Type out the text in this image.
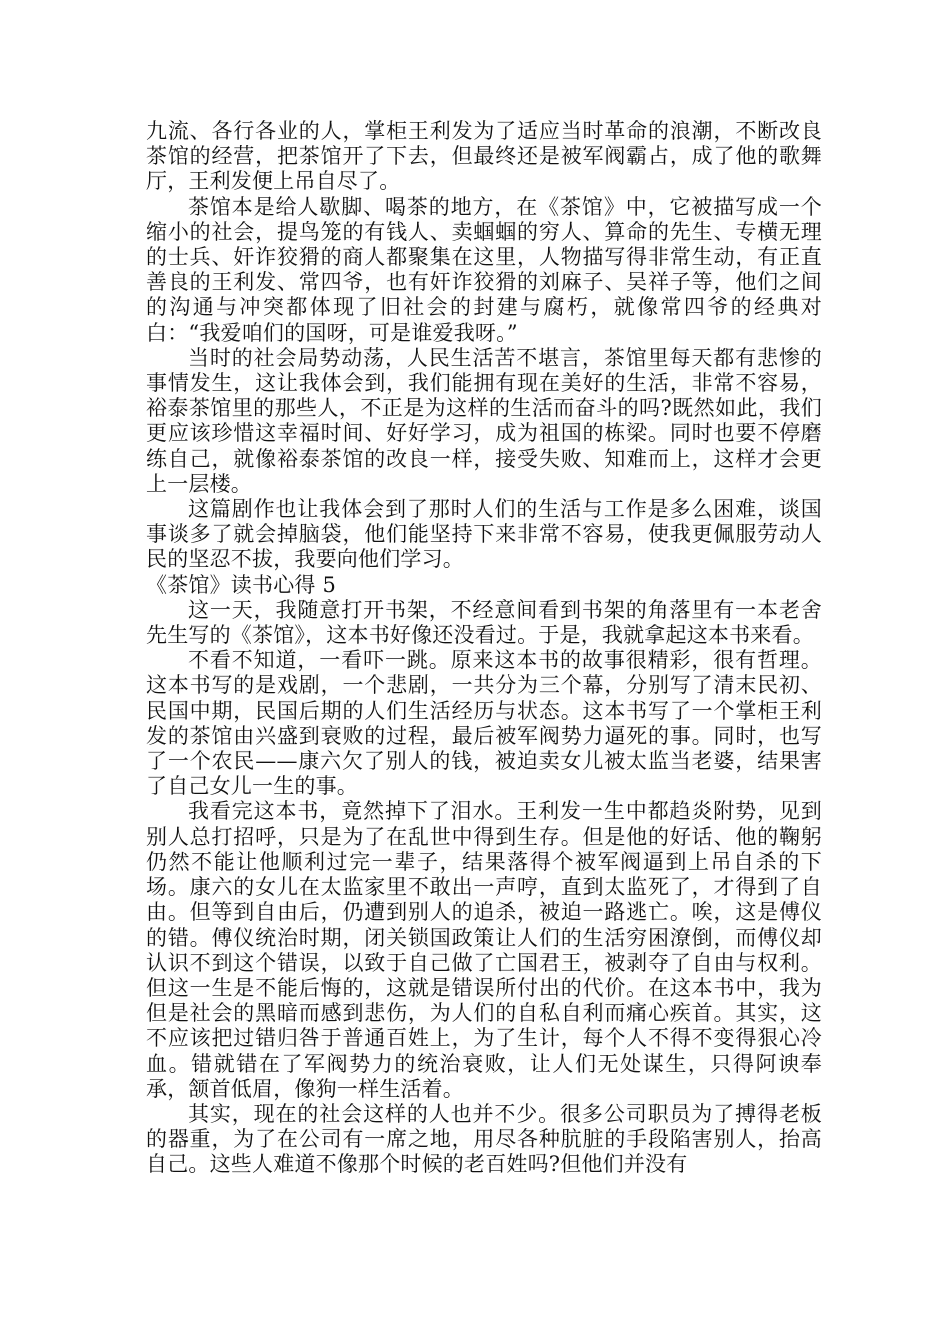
九流、各行各业的人，掌柜王利发为了适应当时革命的浪潮，不断改良茶馆的经营，把茶馆开了下去，但最终还是被军阀霸占，成了他的歌舞厅，王利发便上吊自尽了。

茶馆本是给人歇脚、喝茶的地方，在《茶馆》中，它被描写成一个缩小的社会，提鸟笼的有钱人、卖蝈蝈的穷人、算命的先生、专横无理的士兵、奸诈狡猾的商人都聚集在这里，人物描写得非常生动，有正直善良的王利发、常四爷，也有奸诈狡猾的刘麻子、吴祥子等，他们之间的沟通与冲突都体现了旧社会的封建与腐朽，就像常四爷的经典对白：“我爱咱们的国呀，可是谁爱我呀。”

当时的社会局势动荡，人民生活苦不堪言，茶馆里每天都有悲惨的事情发生，这让我体会到，我们能拥有现在美好的生活，非常不容易，裕泰茶馆里的那些人，不正是为这样的生活而奋斗的吗?既然如此，我们更应该珍惜这幸福时间、好好学习，成为祖国的栋梁。同时也要不停磨练自己，就像裕泰茶馆的改良一样，接受失败、知难而上，这样才会更上一层楼。

这篇剧作也让我体会到了那时人们的生活与工作是多么困难，谈国事谈多了就会掉脑袋，他们能坚持下来非常不容易，使我更佩服劳动人民的坚忍不拔，我要向他们学习。

《茶馆》读书心得 5

这一天，我随意打开书架，不经意间看到书架的角落里有一本老舍先生写的《茶馆》，这本书好像还没看过。于是，我就拿起这本书来看。

不看不知道，一看吓一跳。原来这本书的故事很精彩，很有哲理。这本书写的是戏剧，一个悲剧，一共分为三个幕，分别写了清末民初、民国中期，民国后期的人们生活经历与状态。这本书写了一个掌柜王利发的茶馆由兴盛到衰败的过程，最后被军阀势力逼死的事。同时，也写了一个农民——康六欠了别人的钱，被迫卖女儿被太监当老婆，结果害了自己女儿一生的事。

我看完这本书，竟然掉下了泪水。王利发一生中都趋炎附势，见到别人总打招呼，只是为了在乱世中得到生存。但是他的好话、他的鞠躬仍然不能让他顺利过完一辈子，结果落得个被军阀逼到上吊自杀的下场。康六的女儿在太监家里不敢出一声哼，直到太监死了，才得到了自由。但等到自由后，仍遭到别人的追杀，被迫一路逃亡。唉，这是傅仪的错。傅仪统治时期，闭关锁国政策让人们的生活穷困潦倒，而傅仪却认识不到这个错误，以致于自己做了亡国君王，被剥夺了自由与权利。但这一生是不能后悔的，这就是错误所付出的代价。在这本书中，我为但是社会的黑暗而感到悲伤，为人们的自私自利而痛心疾首。其实，这不应该把过错归咎于普通百姓上，为了生计，每个人不得不变得狠心冷血。错就错在了军阀势力的统治衰败，让人们无处谋生，只得阿谀奉承，颔首低眉，像狗一样生活着。

其实，现在的社会这样的人也并不少。很多公司职员为了搏得老板的器重，为了在公司有一席之地，用尽各种肮脏的手段陷害别人，抬高自己。这些人难道不像那个时候的老百姓吗?但他们并没有
